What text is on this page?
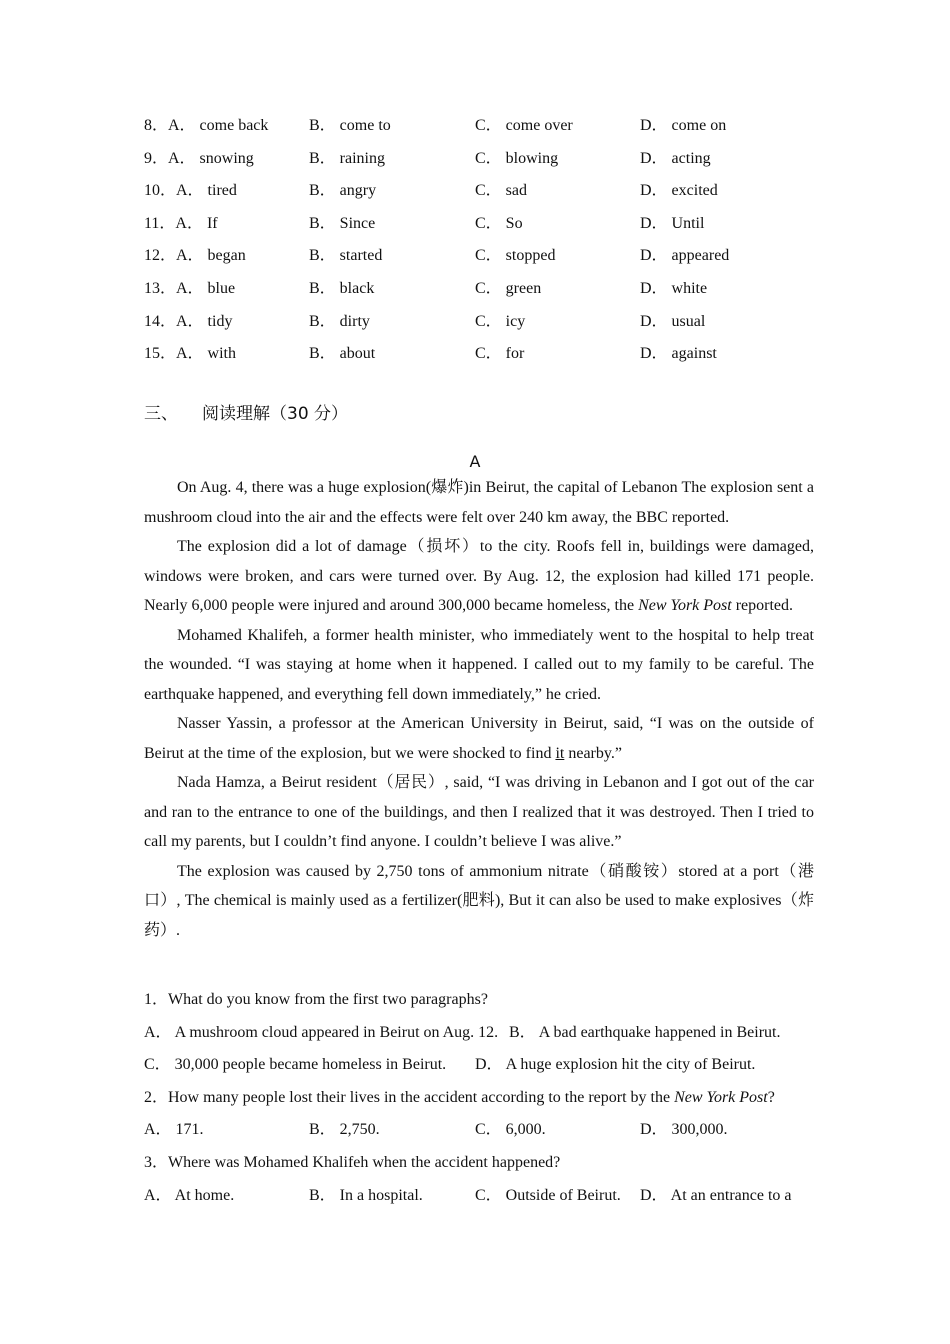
8．A． come back	B． come to	C． come over	D． come on
9．A． snowing	B． raining	C． blowing	D． acting
10．A． tired	B． angry	C． sad	D． excited
11．A． If	B． Since	C． So	D． Until
12．A． began	B． started	C． stopped	D． appeared
13．A． blue	B． black	C． green	D． white
14．A． tidy	B． dirty	C． icy	D． usual
15．A． with	B． about	C． for	D． against
三、 阅读理解（30 分）
A

On Aug. 4, there was a huge explosion(爆炸)in Beirut, the capital of Lebanon The explosion sent a mushroom cloud into the air and the effects were felt over 240 km away, the BBC reported.

The explosion did a lot of damage（损坏）to the city. Roofs fell in, buildings were damaged, windows were broken, and cars were turned over. By Aug. 12, the explosion had killed 171 people. Nearly 6,000 people were injured and around 300,000 became homeless, the New York Post reported.

Mohamed Khalifeh, a former health minister, who immediately went to the hospital to help treat the wounded. “I was staying at home when it happened. I called out to my family to be careful. The earthquake happened, and everything fell down immediately,” he cried.

Nasser Yassin, a professor at the American University in Beirut, said, “I was on the outside of Beirut at the time of the explosion, but we were shocked to find it nearby.”

Nada Hamza, a Beirut resident（居民）, said, “I was driving in Lebanon and I got out of the car and ran to the entrance to one of the buildings, and then I realized that it was destroyed. Then I tried to call my parents, but I couldn’t find anyone. I couldn’t believe I was alive.”

The explosion was caused by 2,750 tons of ammonium nitrate（硝酸铵）stored at a port（港口）, The chemical is mainly used as a fertilizer(肥料), But it can also be used to make explosives（炸药）.

1．What do you know from the first two paragraphs?
A． A mushroom cloud appeared in Beirut on Aug. 12. B． A bad earthquake happened in Beirut.
C． 30,000 people became homeless in Beirut. D． A huge explosion hit the city of Beirut.
2．How many people lost their lives in the accident according to the report by the New York Post?
A． 171.	B． 2,750.	C． 6,000.	D． 300,000.
3．Where was Mohamed Khalifeh when the accident happened?
A． At home.	B． In a hospital.	C． Outside of Beirut. D． At an entrance to a
